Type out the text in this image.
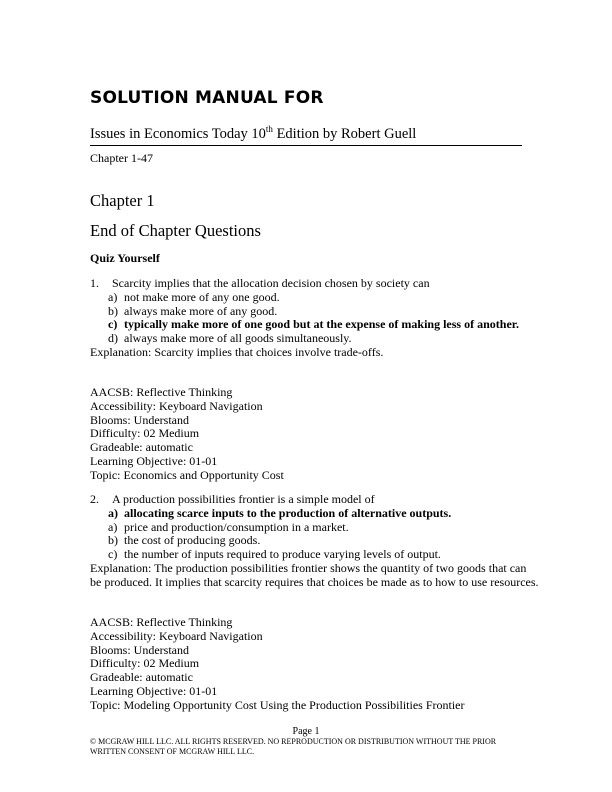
SOLUTION MANUAL FOR
Issues in Economics Today 10th Edition by Robert Guell
Chapter 1-47
Chapter 1
End of Chapter Questions
Quiz Yourself
1. Scarcity implies that the allocation decision chosen by society can
a) not make more of any one good.
b) always make more of any good.
c) typically make more of one good but at the expense of making less of another.
d) always make more of all goods simultaneously.
Explanation: Scarcity implies that choices involve trade-offs.
AACSB: Reflective Thinking
Accessibility: Keyboard Navigation
Blooms: Understand
Difficulty: 02 Medium
Gradeable: automatic
Learning Objective: 01-01
Topic: Economics and Opportunity Cost
2. A production possibilities frontier is a simple model of
a) allocating scarce inputs to the production of alternative outputs.
a) price and production/consumption in a market.
b) the cost of producing goods.
c) the number of inputs required to produce varying levels of output.
Explanation: The production possibilities frontier shows the quantity of two goods that can be produced. It implies that scarcity requires that choices be made as to how to use resources.
AACSB: Reflective Thinking
Accessibility: Keyboard Navigation
Blooms: Understand
Difficulty: 02 Medium
Gradeable: automatic
Learning Objective: 01-01
Topic: Modeling Opportunity Cost Using the Production Possibilities Frontier
Page 1
© MCGRAW HILL LLC. ALL RIGHTS RESERVED. NO REPRODUCTION OR DISTRIBUTION WITHOUT THE PRIOR WRITTEN CONSENT OF MCGRAW HILL LLC.
